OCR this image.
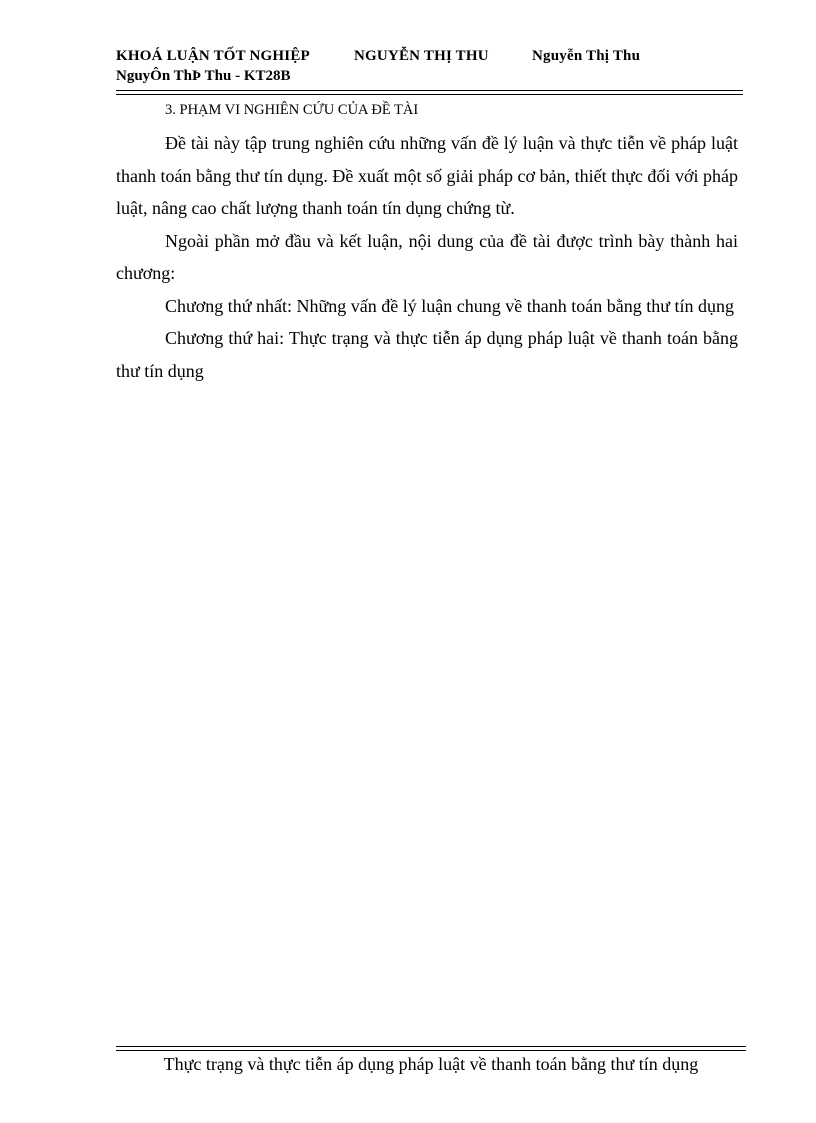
KHOÁ LUẬN TỐT NGHIỆP	NGUYỄN THỊ THU	Nguyễn Thị Thu
NguyÔn ThÞ Thu - KT28B
3. PHẠM VI NGHIÊN CỨU CỦA ĐỀ TÀI

Đề tài này tập trung nghiên cứu những vấn đề lý luận và thực tiễn về pháp luật thanh toán bằng thư tín dụng. Đề xuất một số giải pháp cơ bản, thiết thực đối với pháp luật, nâng cao chất lượng thanh toán tín dụng chứng từ.

Ngoài phần mở đầu và kết luận, nội dung của đề tài được trình bày thành hai chương:

Chương thứ nhất: Những vấn đề lý luận chung về thanh toán bằng thư tín dụng

Chương thứ hai: Thực trạng và thực tiễn áp dụng pháp luật về thanh toán bằng thư tín dụng

Thực trạng và thực tiễn áp dụng pháp luật về thanh toán bằng thư tín dụng
